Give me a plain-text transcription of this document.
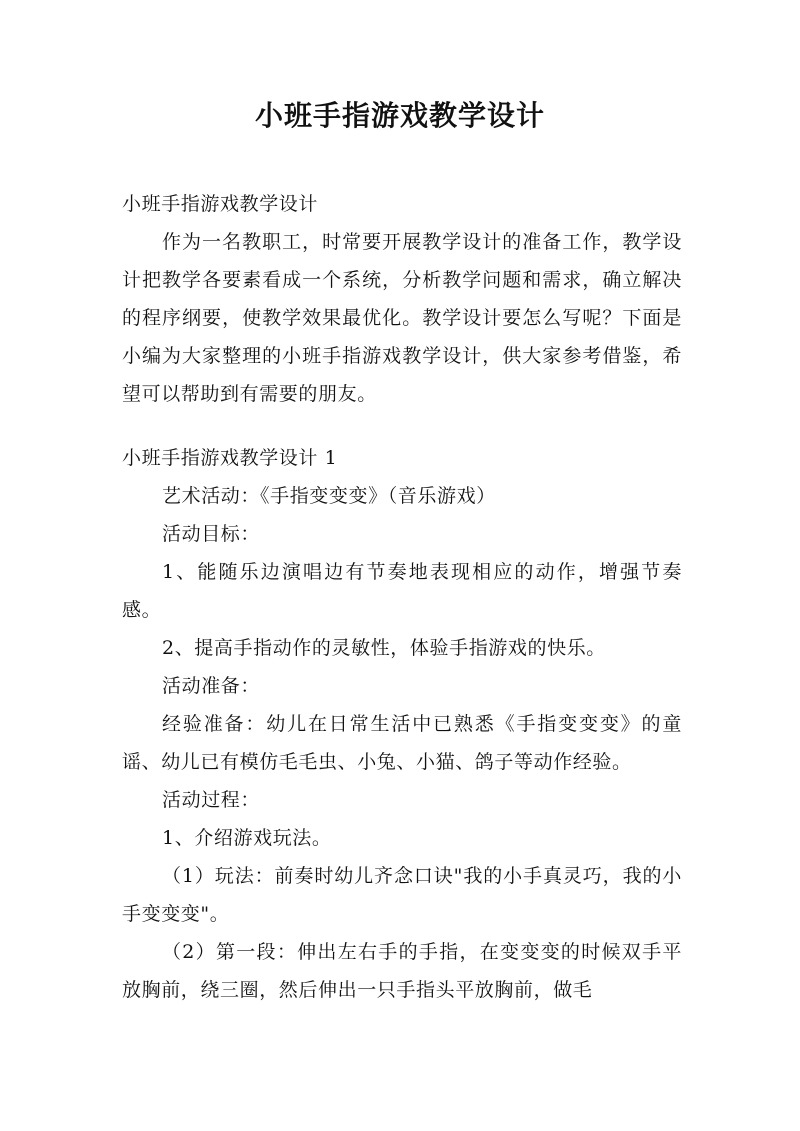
小班手指游戏教学设计

小班手指游戏教学设计

作为一名教职工，时常要开展教学设计的准备工作，教学设计把教学各要素看成一个系统，分析教学问题和需求，确立解决的程序纲要，使教学效果最优化。教学设计要怎么写呢？下面是小编为大家整理的小班手指游戏教学设计，供大家参考借鉴，希望可以帮助到有需要的朋友。

小班手指游戏教学设计 1

艺术活动：《手指变变变》（音乐游戏）

活动目标：

1、能随乐边演唱边有节奏地表现相应的动作，增强节奏感。

2、提高手指动作的灵敏性，体验手指游戏的快乐。

活动准备：

经验准备：幼儿在日常生活中已熟悉《手指变变变》的童谣、幼儿已有模仿毛毛虫、小兔、小猫、鸽子等动作经验。

活动过程：

1、介绍游戏玩法。

（1）玩法：前奏时幼儿齐念口诀"我的小手真灵巧，我的小手变变变"。

（2）第一段：伸出左右手的手指，在变变变的时候双手平放胸前，绕三圈，然后伸出一只手指头平放胸前，做毛
